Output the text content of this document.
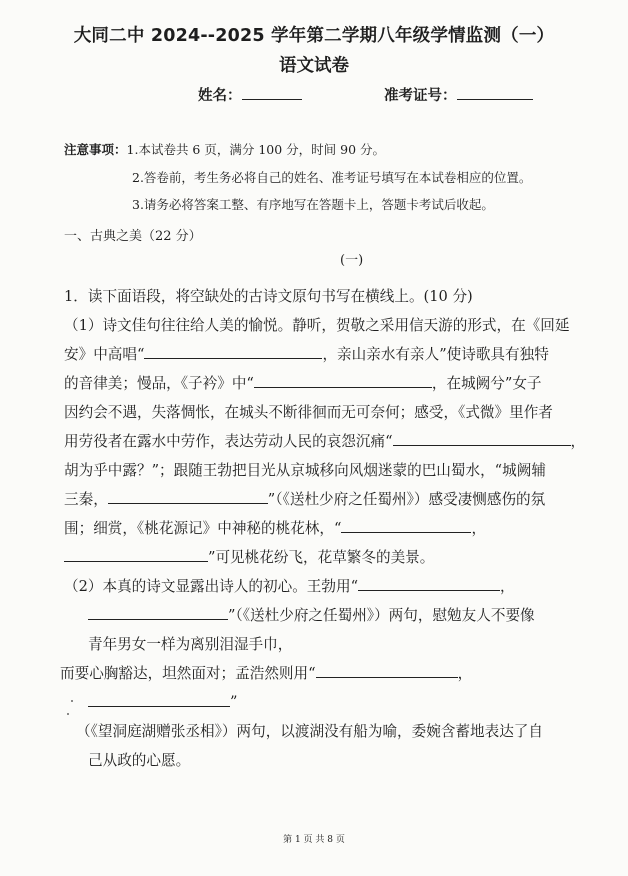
大同二中 2024--2025 学年第二学期八年级学情监测（一）
语文试卷
姓名：	准考证号：
注意事项：1.本试卷共 6 页，满分 100 分，时间 90 分。
2.答卷前，考生务必将自己的姓名、准考证号填写在本试卷相应的位置。
3.请务必将答案工整、有序地写在答题卡上，答题卡考试后收起。
一、古典之美（22 分）
(一)
1．读下面语段，将空缺处的古诗文原句书写在横线上。(10 分)
（1）诗文佳句往往给人美的愉悦。静听，贺敬之采用信天游的形式，在《回延
安》中高唱“	，亲山亲水有亲人”使诗歌具有独特
的音律美；慢品，《子衿》中“	，在城阙兮”女子
因约会不遇，失落惆怅，在城头不断徘徊而无可奈何；感受，《式微》里作者
用劳役者在露水中劳作，表达劳动人民的哀怨沉痛“	，
胡为乎中露？”；跟随王勃把目光从京城移向风烟迷蒙的巴山蜀水，“城阙辅
三秦，	”（《送杜少府之任蜀州》）感受凄恻感伤的氛
围；细赏，《桃花源记》中神秘的桃花林，“	，
”可见桃花纷飞，花草繁冬的美景。
（2）本真的诗文显露出诗人的初心。王勃用“	，
”（《送杜少府之任蜀州》）两句，慰勉友人不要像
青年男女一样为离别泪湿手巾，
而要心胸豁达，坦然面对；孟浩然则用“	，
”
（《望洞庭湖赠张丞相》）两句，以渡湖没有船为喻，委婉含蓄地表达了自
己从政的心愿。
第 1 页 共 8 页
